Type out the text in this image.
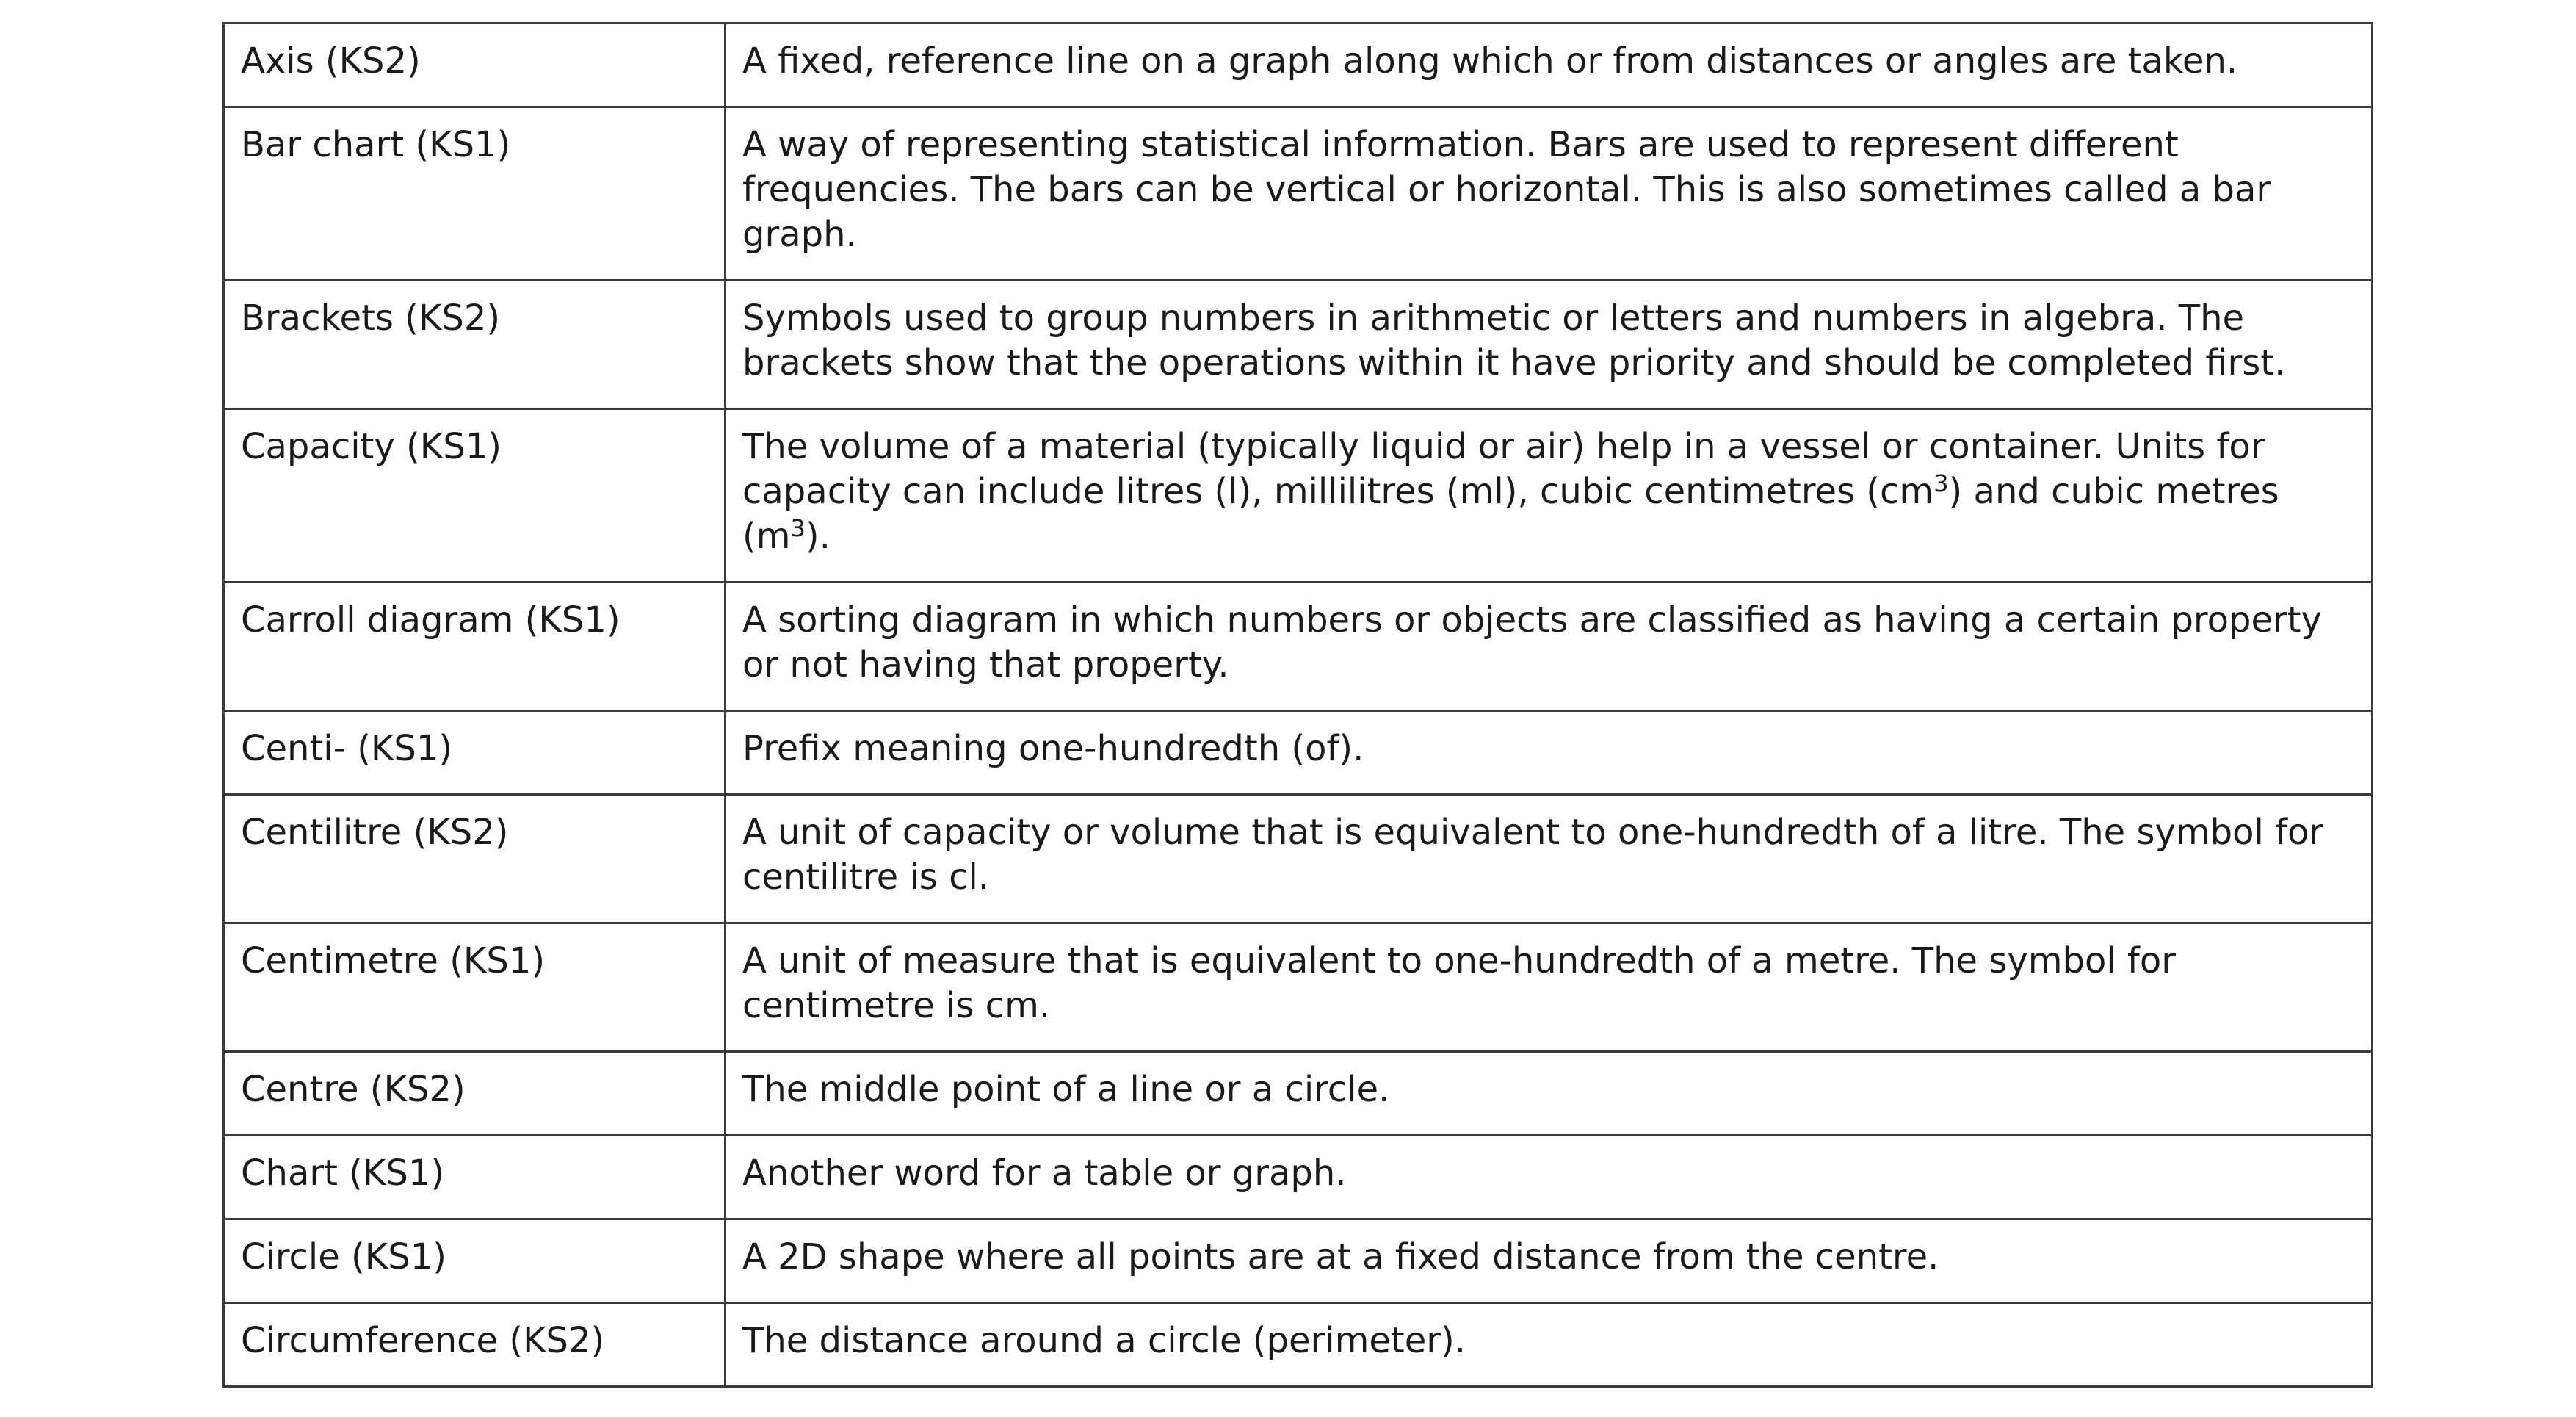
Axis (KS2)	A fixed, reference line on a graph along which or from distances or angles are taken.
Bar chart (KS1)	A way of representing statistical information. Bars are used to represent different frequencies. The bars can be vertical or horizontal. This is also sometimes called a bar graph.
Brackets (KS2)	Symbols used to group numbers in arithmetic or letters and numbers in algebra. The brackets show that the operations within it have priority and should be completed first.
Capacity (KS1)	The volume of a material (typically liquid or air) help in a vessel or container. Units for capacity can include litres (l), millilitres (ml), cubic centimetres $(cm^3)$ and cubic metres $(m^3)$.
Carroll diagram (KS1)	A sorting diagram in which numbers or objects are classified as having a certain property or not having that property.
Centi- (KS1)	Prefix meaning one-hundredth (of).
Centilitre (KS2)	A unit of capacity or volume that is equivalent to one-hundredth of a litre. The symbol for centilitre is cl.
Centimetre (KS1)	A unit of measure that is equivalent to one-hundredth of a metre. The symbol for centimetre is cm.
Centre (KS2)	The middle point of a line or a circle.
Chart (KS1)	Another word for a table or graph.
Circle (KS1)	A 2D shape where all points are at a fixed distance from the centre.
Circumference (KS2)	The distance around a circle (perimeter).
